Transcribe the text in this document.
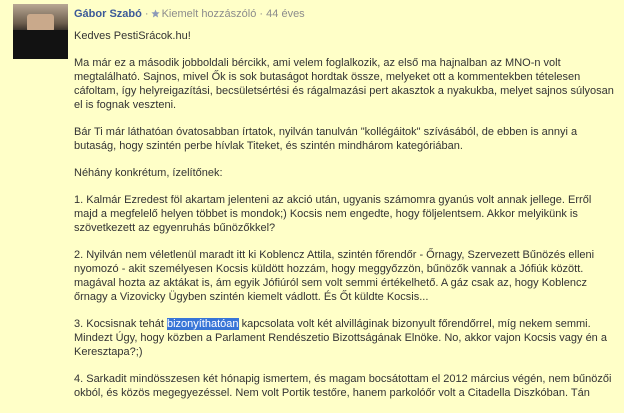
Gábor Szabó · Kiemelt hozzászóló · 44 éves

Kedves PestiSrácok.hu!

Ma már ez a második jobboldali bércikk, ami velem foglalkozik, az első ma hajnalban az MNO-n volt megtalálható. Sajnos, mivel Ők is sok butaságot hordtak össze, melyeket ott a kommentekben tételesen cáfoltam, így helyreigazítási, becsületsértési és rágalmazási pert akasztok a nyakukba, melyet sajnos súlyosan el is fognak veszteni.

Bár Ti már láthatóan óvatosabban írtatok, nyilván tanulván "kollégáitok" szívásából, de ebben is annyi a butaság, hogy szintén perbe hívlak Titeket, és szintén mindhárom kategóriában.

Néhány konkrétum, ízelítőnek:

1. Kalmár Ezredest föl akartam jelenteni az akció után, ugyanis számomra gyanús volt annak jellege. Erről majd a megfelelő helyen többet is mondok;) Kocsis nem engedte, hogy följelentsem. Akkor melyikünk is szövetkezett az egyenruhás bűnözőkkel?

2. Nyilván nem véletlenül maradt itt ki Koblencz Attila, szintén főrendőr - Őrnagy, Szervezett Bűnözés elleni nyomozó - akit személyesen Kocsis küldött hozzám, hogy meggyőzzön, bűnözők vannak a Jófiúk között. magával hozta az aktákat is, ám egyik Jófiúról sem volt semmi értékelhető. A gáz csak az, hogy Koblencz őrnagy a Vizovicky Ügyben szintén kiemelt vádlott. És Őt küldte Kocsis...

3. Kocsisnak tehát bizonyíthatóan kapcsolata volt két alvilláginak bizonyult főrendőrrel, míg nekem semmi. Mindezt Úgy, hogy közben a Parlament Rendészetio Bizottságának Elnöke. No, akkor vajon Kocsis vagy én a Keresztapa?;)

4. Sarkadit mindösszesen két hónapig ismertem, és magam bocsátottam el 2012 március végén, nem bűnözői okból, és közös megegyezéssel. Nem volt Portik testőre, hanem parkolóőr volt a Citadella Diszkóban. Tán
